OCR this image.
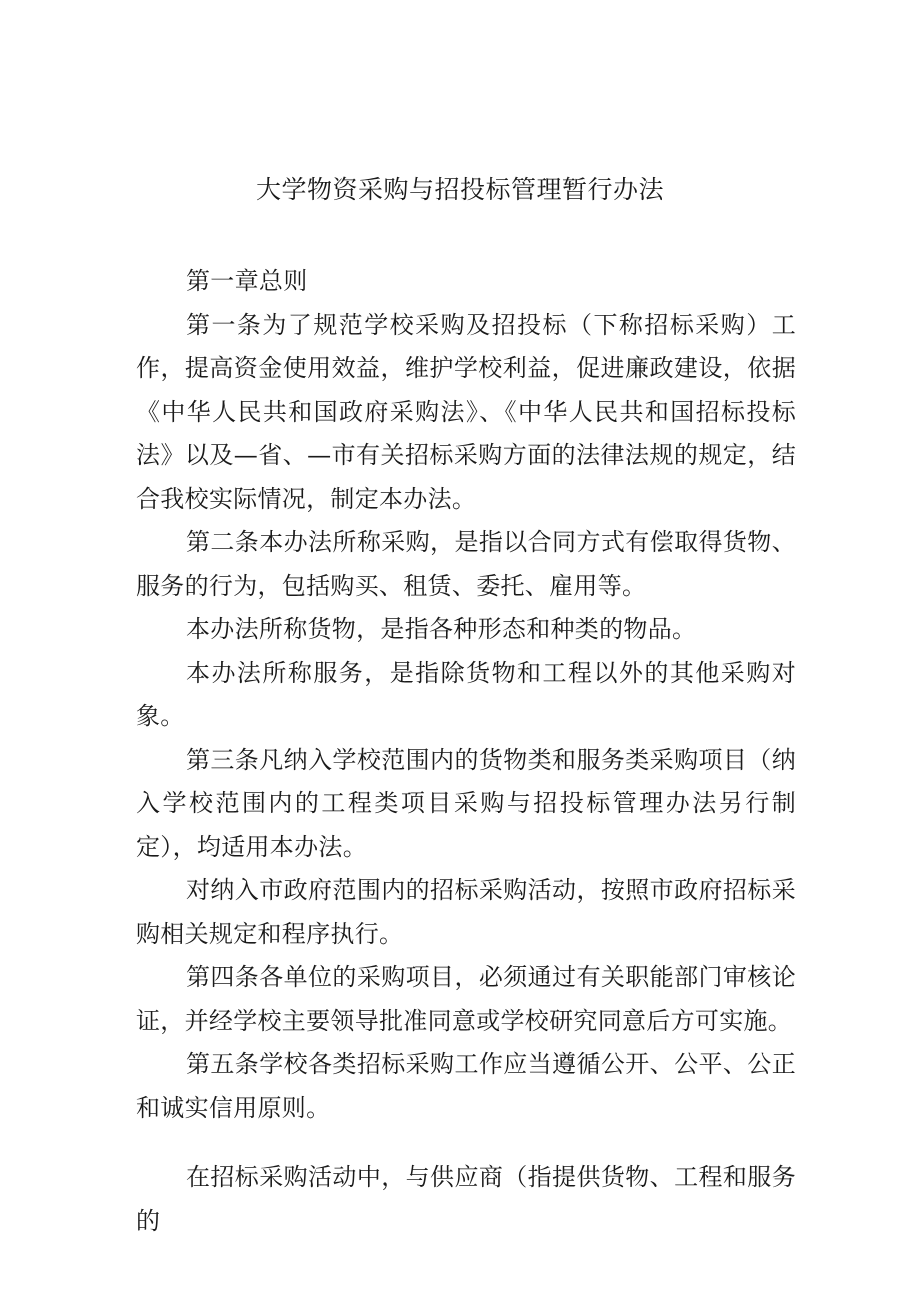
大学物资采购与招投标管理暂行办法

第一章总则

第一条为了规范学校采购及招投标（下称招标采购）工作，提高资金使用效益，维护学校利益，促进廉政建设，依据《中华人民共和国政府采购法》、《中华人民共和国招标投标法》以及—省、—市有关招标采购方面的法律法规的规定，结合我校实际情况，制定本办法。

第二条本办法所称采购，是指以合同方式有偿取得货物、服务的行为，包括购买、租赁、委托、雇用等。

本办法所称货物，是指各种形态和种类的物品。

本办法所称服务，是指除货物和工程以外的其他采购对象。

第三条凡纳入学校范围内的货物类和服务类采购项目（纳入学校范围内的工程类项目采购与招投标管理办法另行制定），均适用本办法。

对纳入市政府范围内的招标采购活动，按照市政府招标采购相关规定和程序执行。

第四条各单位的采购项目，必须通过有关职能部门审核论证，并经学校主要领导批准同意或学校研究同意后方可实施。

第五条学校各类招标采购工作应当遵循公开、公平、公正和诚实信用原则。

在招标采购活动中，与供应商（指提供货物、工程和服务的
